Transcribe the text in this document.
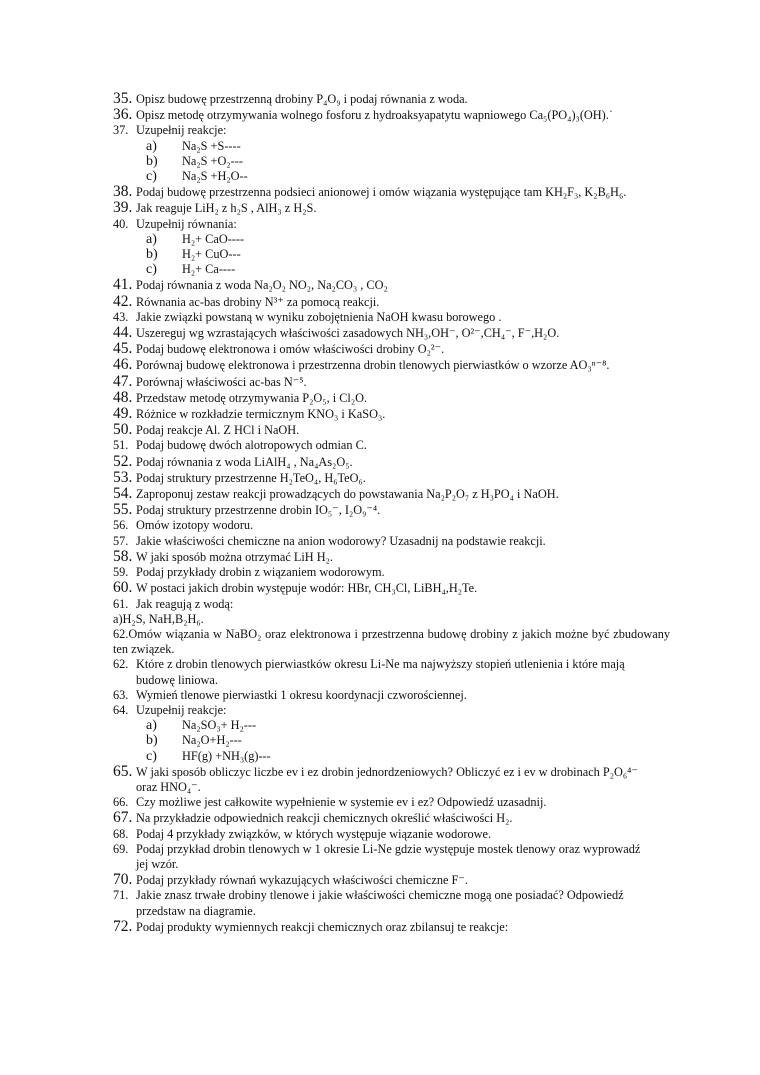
35. Opisz budowę przestrzenną drobiny P₄O₉ i podaj równania z woda.
36. Opisz metodę otrzymywania wolnego fosforu z hydroaksyapatytu wapniowego Ca₅(PO₄)₃(OH).˙
37. Uzupełnij reakcje:
a)	Na₂S +S----
b)	Na₂S +O₂---
c)	Na₂S +H₂O--
38. Podaj budowę przestrzenna podsieci anionowej i omów wiązania występujące tam KH₂F₃, K₂B₆H₆.
39. Jak reaguje LiH₂ z h₂S , AlH₃ z H₂S.
40. Uzupełnij równania:
a)	H₂+ CaO----
b)	H₂+ CuO---
c)	H₂+ Ca----
41. Podaj równania z woda Na₂O₂ NO₂, Na₂CO₃ , CO₂
42. Równania ac-bas drobiny N³⁺ za pomocą reakcji.
43. Jakie związki powstaną w wyniku zobojętnienia NaOH kwasu borowego .
44. Uszereguj wg wzrastających właściwości zasadowych NH₃,OH⁻, O²⁻,CH₄⁻, F⁻,H₂O.
45. Podaj budowę elektronowa i omów właściwości drobiny O₂²⁻.
46. Porównaj budowę elektronowa i przestrzenna drobin tlenowych pierwiastków o wzorze AO₃ⁿ⁻⁸.
47. Porównaj właściwości ac-bas N⁻⁵.
48. Przedstaw metodę otrzymywania P₂O₅, i Cl₂O.
49. Różnice w rozkładzie termicznym KNO₃ i KaSO₃.
50. Podaj reakcje Al. Z HCl i NaOH.
51. Podaj budowę dwóch alotropowych odmian C.
52. Podaj równania z woda LiAlH₄ , Na₄As₂O₅.
53. Podaj struktury przestrzenne H₂TeO₄, H₆TeO₆.
54. Zaproponuj zestaw reakcji prowadzących do powstawania Na₂P₂O₇ z H₃PO₄ i NaOH.
55. Podaj struktury przestrzenne drobin IO₅⁻, I₂O₉⁻⁴.
56. Omów izotopy wodoru.
57. Jakie właściwości chemiczne na anion wodorowy? Uzasadnij na podstawie reakcji.
58. W jaki sposób można otrzymać LiH H₂.
59. Podaj przykłady drobin z wiązaniem wodorowym.
60. W postaci jakich drobin występuje wodór: HBr, CH₃Cl, LiBH₄,H₂Te.
61. Jak reagują z wodą:
a)H₂S, NaH,B₂H₆.
62.Omów wiązania w NaBO₂ oraz elektronowa i przestrzenna budowę drobiny z jakich możne być zbudowany ten związek.
62. Które z drobin tlenowych pierwiastków okresu Li-Ne ma najwyższy stopień utlenienia i które mają
budowę liniowa.
63. Wymień tlenowe pierwiastki 1 okresu koordynacji czworościennej.
64. Uzupełnij reakcje:
a)	Na₂SO₃+ H₂---
b)	Na₂O+H₂---
c)	HF(g) +NH₃(g)---
65. W jaki sposób obliczyc liczbe ev i ez drobin jednordzeniowych? Obliczyć ez i ev w drobinach P₂O₆⁴⁻
oraz HNO₄⁻.
66. Czy możliwe jest całkowite wypełnienie w systemie ev i ez? Odpowiedź uzasadnij.
67. Na przykładzie odpowiednich reakcji chemicznych określić właściwości H₂.
68. Podaj 4 przykłady związków, w których występuje wiązanie wodorowe.
69. Podaj przykład drobin tlenowych w 1 okresie Li-Ne gdzie występuje mostek tlenowy oraz wyprowadź
jej wzór.
70. Podaj przykłady równań wykazujących właściwości chemiczne F⁻.
71. Jakie znasz trwałe drobiny tlenowe i jakie właściwości chemiczne mogą one posiadać? Odpowiedź
przedstaw na diagramie.
72. Podaj produkty wymiennych reakcji chemicznych oraz zbilansuj te reakcje:
